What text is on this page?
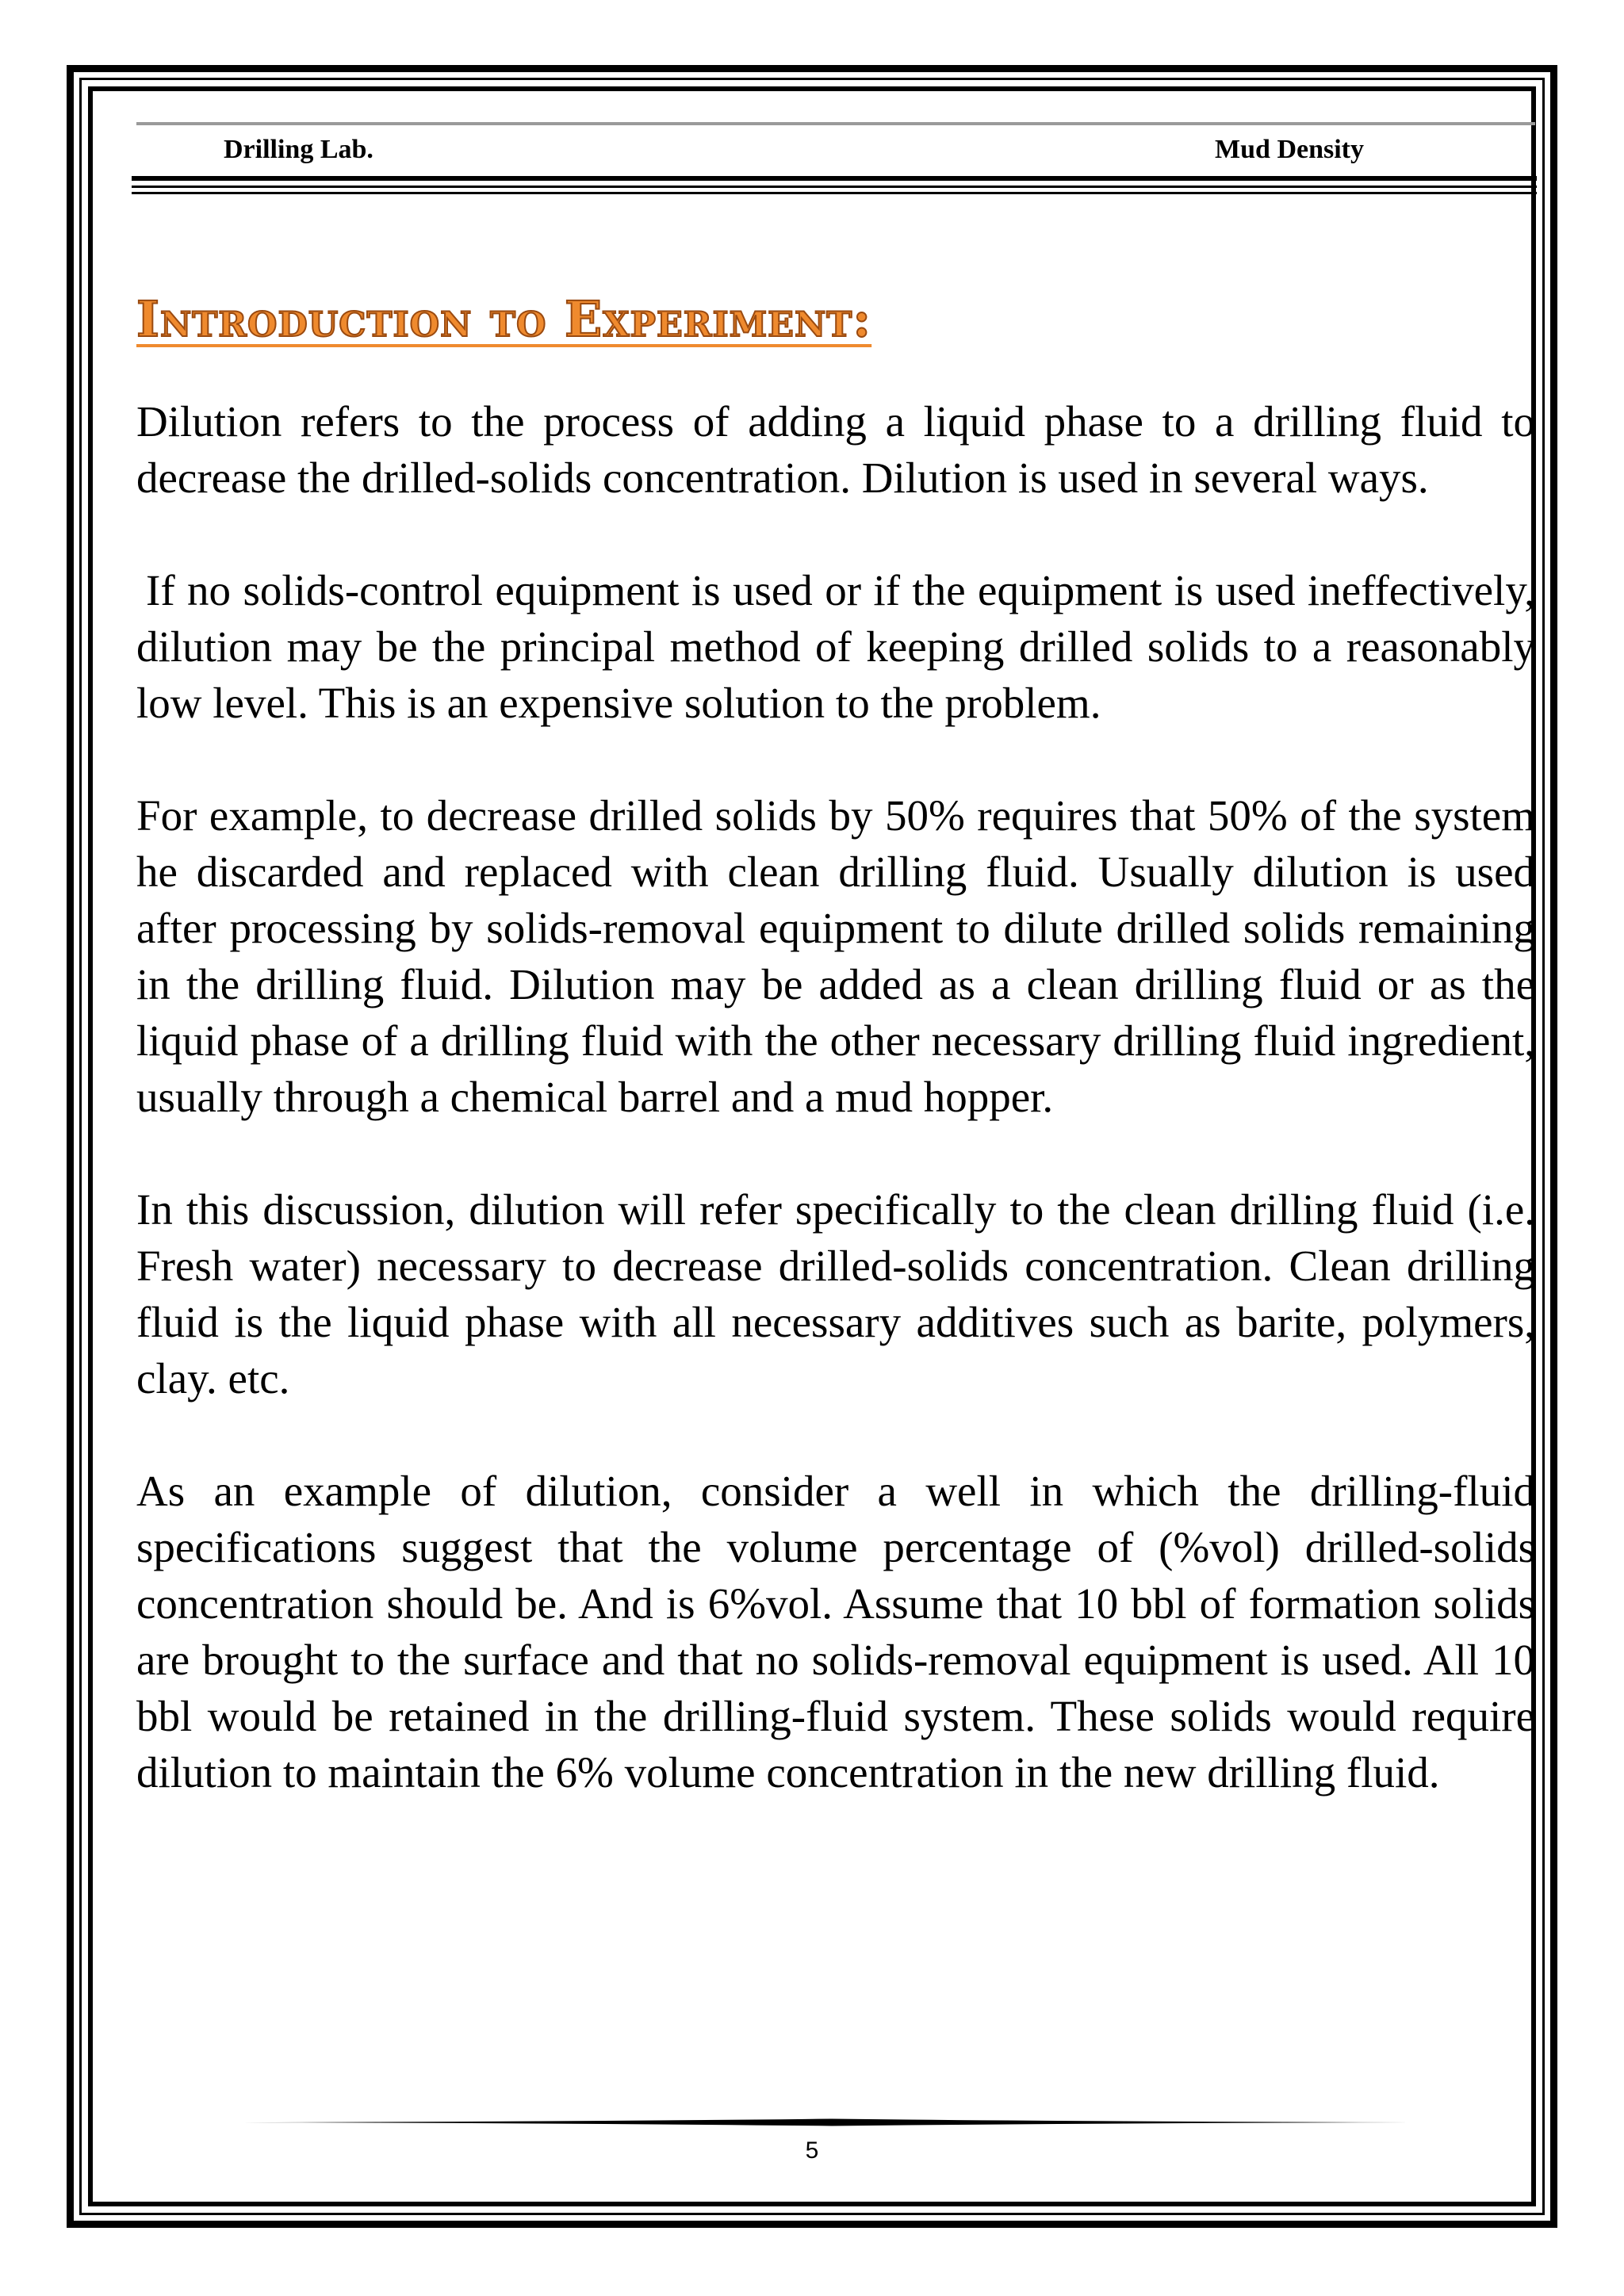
Drilling Lab.	Mud Density
Introduction to Experiment:

Dilution refers to the process of adding a liquid phase to a drilling fluid to decrease the drilled-solids concentration. Dilution is used in several ways.

If no solids-control equipment is used or if the equipment is used ineffectively, dilution may be the principal method of keeping drilled solids to a reasonably low level. This is an expensive solution to the problem.

For example, to decrease drilled solids by 50% requires that 50% of the system he discarded and replaced with clean drilling fluid. Usually dilution is used after processing by solids-removal equipment to dilute drilled solids remaining in the drilling fluid. Dilution may be added as a clean drilling fluid or as the liquid phase of a drilling fluid with the other necessary drilling fluid ingredient, usually through a chemical barrel and a mud hopper.

In this discussion, dilution will refer specifically to the clean drilling fluid (i.e. Fresh water) necessary to decrease drilled-solids concentration. Clean drilling fluid is the liquid phase with all necessary additives such as barite, polymers, clay. etc.

As an example of dilution, consider a well in which the drilling-fluid specifications suggest that the volume percentage of (%vol) drilled-solids concentration should be. And is 6%vol. Assume that 10 bbl of formation solids are brought to the surface and that no solids-removal equipment is used. All 10 bbl would be retained in the drilling-fluid system. These solids would require dilution to maintain the 6% volume concentration in the new drilling fluid.

5
